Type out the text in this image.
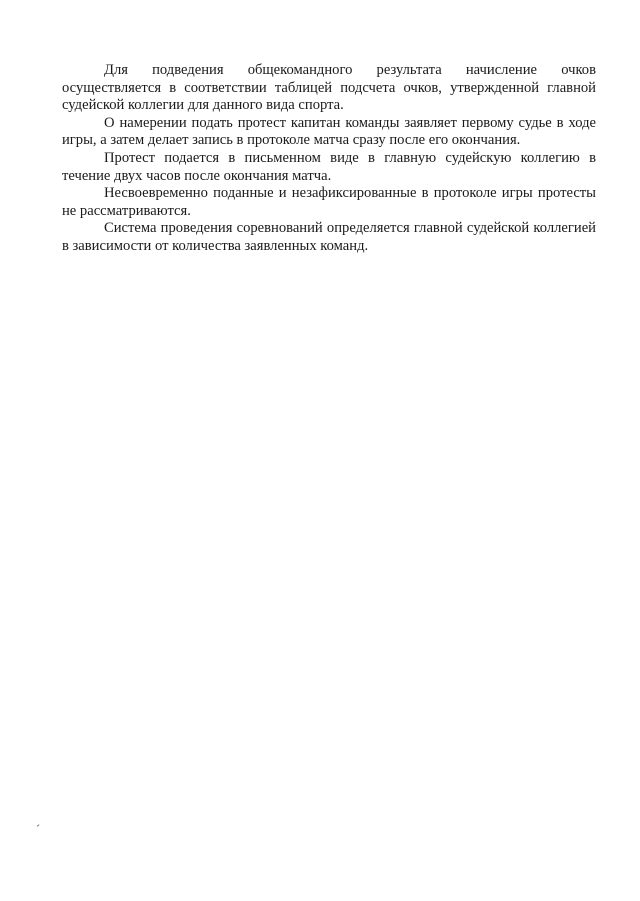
Для подведения общекомандного результата начисление очков осуществляется в соответствии таблицей подсчета очков, утвержденной главной судейской коллегии для данного вида спорта.

О намерении подать протест капитан команды заявляет первому судье в ходе игры, а затем делает запись в протоколе матча сразу после его окончания.

Протест подается в письменном виде в главную судейскую коллегию в течение двух часов после окончания матча.

Несвоевременно поданные и незафиксированные в протоколе игры протесты не рассматриваются.

Система проведения соревнований определяется главной судейской коллегией в зависимости от количества заявленных команд.

ˊ
